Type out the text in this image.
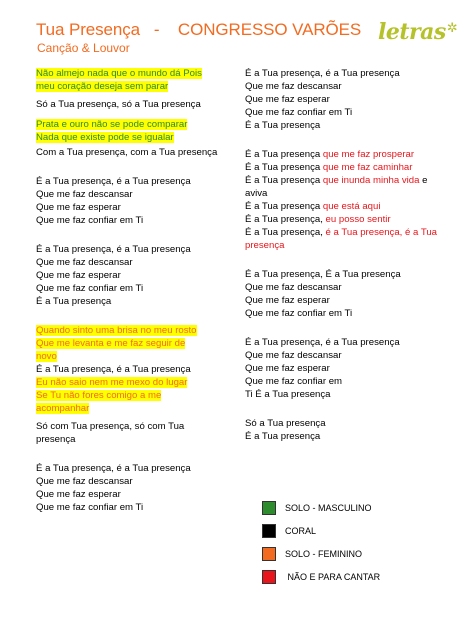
Tua Presença   -    CONGRESSO VARÕES
Canção & Louvor
letras ✲
Não almejo nada que o mundo dá Pois
meu coração deseja sem parar
Só a Tua presença, só a Tua presença
Prata e ouro não se pode comparar
Nada que existe pode se igualar
Com a Tua presença, com a Tua presença
É a Tua presença, é a Tua presença
Que me faz descansar
Que me faz esperar
Que me faz confiar em Ti
É a Tua presença, é a Tua presença
Que me faz descansar
Que me faz esperar
Que me faz confiar em Ti
É a Tua presença
Quando sinto uma brisa no meu rosto
Que me levanta e me faz seguir de
novo
É a Tua presença, é a Tua presença
Eu não saio nem me mexo do lugar
Se Tu não fores comigo a me
acompanhar
Só com Tua presença, só com Tua
presença
É a Tua presença, é a Tua presença
Que me faz descansar
Que me faz esperar
Que me faz confiar em Ti
É a Tua presença, é a Tua presença
Que me faz descansar
Que me faz esperar
Que me faz confiar em Ti
É a Tua presença
É a Tua presença que me faz prosperar
É a Tua presença que me faz caminhar
É a Tua presença que inunda minha vida e
aviva
É a Tua presença que está aqui
É a Tua presença, eu posso sentir
É a Tua presença, é a Tua presença, é a Tua
presença
É a Tua presença, É a Tua presença
Que me faz descansar
Que me faz esperar
Que me faz confiar em Ti
É a Tua presença, é a Tua presença
Que me faz descansar
Que me faz esperar
Que me faz confiar em
Ti É a Tua presença
Só a Tua presença
É a Tua presença
SOLO - MASCULINO
CORAL
SOLO - FEMININO
NÃO E PARA CANTAR
